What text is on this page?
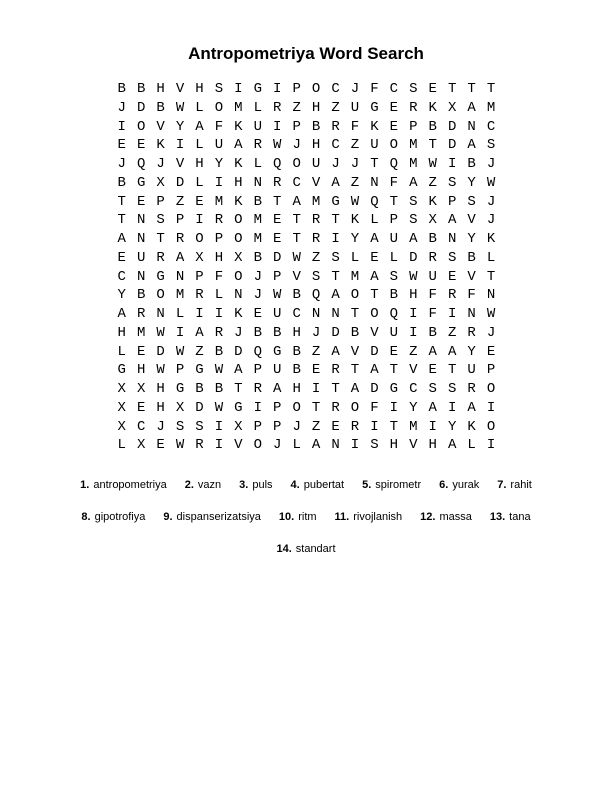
Antropometriya Word Search
B B H V H S I G I P O C J F C S E T T T
J D B W L O M L R Z H Z U G E R K X A M
I O V Y A F K U I P B R F K E P B D N C
E E K I L U A R W J H C Z U O M T D A S
J Q J V H Y K L Q O U J J T Q M W I B J
B G X D L I H N R C V A Z N F A Z S Y W
T E P Z E M K B T A M G W Q T S K P S J
T N S P I R O M E T R T K L P S X A V J
A N T R O P O M E T R I Y A U A B N Y K
E U R A X H X B D W Z S L E L D R S B L
C N G N P F O J P V S T M A S W U E V T
Y B O M R L N J W B Q A O T B H F R F N
A R N L I I K E U C N N T O Q I F I N W
H M W I A R J B B H J D B V U I B Z R J
L E D W Z B D Q G B Z A V D E Z A A Y E
G H W P G W A P U B E R T A T V E T U P
X X H G B B T R A H I T A D G C S S R O
X E H X D W G I P O T R O F I Y A I A I
X C J S S I X P P J Z E R I T M I Y K O
L X E W R I V O J L A N I S H V H A L I
1. antropometriya 2. vazn 3. puls 4. pubertat 5. spirometr 6. yurak 7. rahit
8. gipotrofiya 9. dispanserizatsiya 10. ritm 11. rivojlanish 12. massa 13. tana
14. standart
